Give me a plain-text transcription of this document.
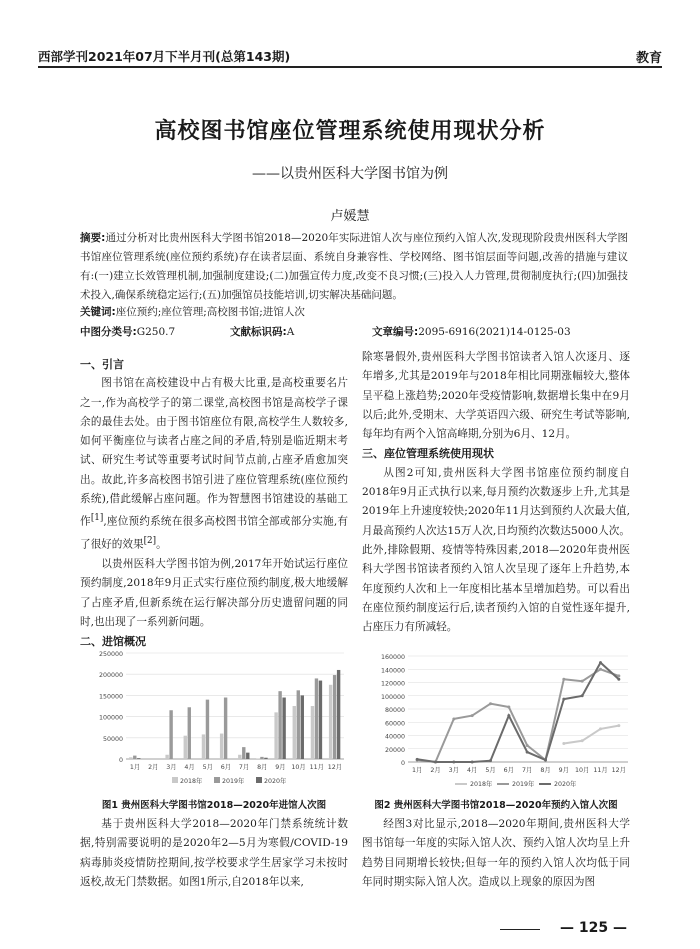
西部学刊2021年07月下半月刊(总第143期)	教育
高校图书馆座位管理系统使用现状分析
——以贵州医科大学图书馆为例
卢媛慧
摘要:通过分析对比贵州医科大学图书馆2018—2020年实际进馆人次与座位预约入馆人次,发现现阶段贵州医科大学图书馆座位管理系统(座位预约系统)存在读者层面、系统自身兼容性、学校网络、图书馆层面等问题,改善的措施与建议有:(一)建立长效管理机制,加强制度建设;(二)加强宣传力度,改变不良习惯;(三)投入人力管理,贯彻制度执行;(四)加强技术投入,确保系统稳定运行;(五)加强馆员技能培训,切实解决基础问题。
关键词:座位预约;座位管理;高校图书馆;进馆人次
中图分类号:G250.7	文献标识码:A	文章编号:2095-6916(2021)14-0125-03
一、引言

图书馆在高校建设中占有极大比重,是高校重要名片之一,作为高校学子的第二课堂,高校图书馆是高校学子课余的最佳去处。由于图书馆座位有限,高校学生人数较多,如何平衡座位与读者占座之间的矛盾,特别是临近期末考试、研究生考试等重要考试时间节点前,占座矛盾愈加突出。故此,许多高校图书馆引进了座位管理系统(座位预约系统),借此缓解占座问题。作为智慧图书馆建设的基础工作[1],座位预约系统在很多高校图书馆全部或部分实施,有了很好的效果[2]。

以贵州医科大学图书馆为例,2017年开始试运行座位预约制度,2018年9月正式实行座位预约制度,极大地缓解了占座矛盾,但新系统在运行解决部分历史遗留问题的同时,也出现了一系列新问题。

二、进馆概况
0
50000
100000
150000
200000
250000
1月 2月 3月 4月 5月 6月 7月 8月 9月 10月 11月 12月
2018年	2019年	2020年
图1 贵州医科大学图书馆2018—2020年进馆人次图

基于贵州医科大学2018—2020年门禁系统统计数据,特别需要说明的是2020年2—5月为寒假/COVID-19病毒肺炎疫情防控期间,按学校要求学生居家学习未按时返校,故无门禁数据。如图1所示,自2018年以来,

除寒暑假外,贵州医科大学图书馆读者入馆人次逐月、逐年增多,尤其是2019年与2018年相比同期涨幅较大,整体呈平稳上涨趋势;2020年受疫情影响,数据增长集中在9月以后;此外,受期末、大学英语四六级、研究生考试等影响,每年均有两个入馆高峰期,分别为6月、12月。

三、座位管理系统使用现状

从图2可知,贵州医科大学图书馆座位预约制度自2018年9月正式执行以来,每月预约次数逐步上升,尤其是2019年上升速度较快;2020年11月达到预约人次最大值,月最高预约人次达15万人次,日均预约次数达5000人次。此外,排除假期、疫情等特殊因素,2018—2020年贵州医科大学图书馆读者预约入馆人次呈现了逐年上升趋势,本年度预约人次和上一年度相比基本呈增加趋势。可以看出在座位预约制度运行后,读者预约入馆的自觉性逐年提升,占座压力有所减轻。

0
20000
40000
60000
80000
100000
120000
140000
160000
1月 2月 3月 4月 5月 6月 7月 8月 9月 10月 11月 12月
2018年	2019年	2020年
图2 贵州医科大学图书馆2018—2020年预约入馆人次图

经图3对比显示,2018—2020年期间,贵州医科大学图书馆每一年度的实际入馆人次、预约入馆人次均呈上升趋势目同期增长较快;但每一年的预约入馆人次均低于同年同时期实际入馆人次。造成以上现象的原因为图

— 125 —
